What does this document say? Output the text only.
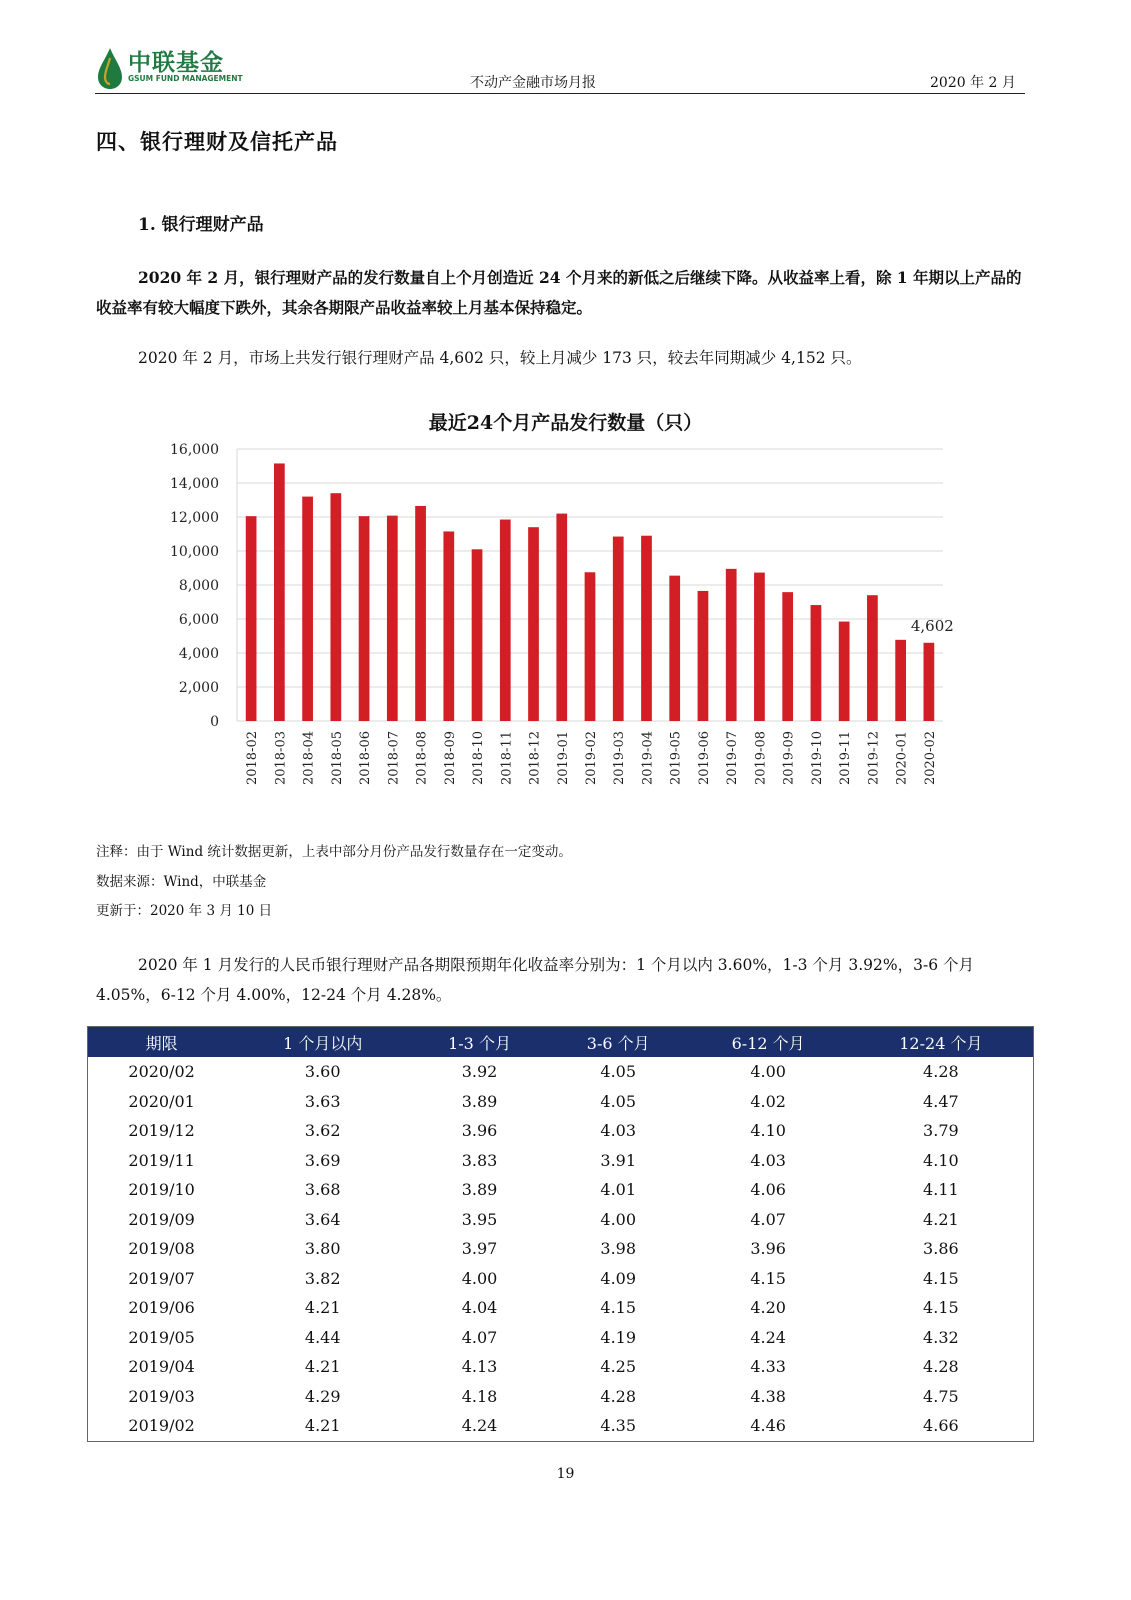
中联基金
GSUM FUND MANAGEMENT	不动产金融市场月报	2020 年 2 月
四、银行理财及信托产品
1. 银行理财产品
2020 年 2 月，银行理财产品的发行数量自上个月创造近 24 个月来的新低之后继续下降。从收益率上看，除 1 年期以上产品的收益率有较大幅度下跌外，其余各期限产品收益率较上月基本保持稳定。
2020 年 2 月，市场上共发行银行理财产品 4,602 只，较上月减少 173 只，较去年同期减少 4,152 只。
最近24个月产品发行数量（只）
0
2,000
4,000
6,000
8,000
10,000
12,000
14,000
16,000
2018-02 2018-03 2018-04 2018-05 2018-06 2018-07 2018-08 2018-09 2018-10 2018-11 2018-12 2019-01 2019-02 2019-03 2019-04 2019-05 2019-06 2019-07 2019-08 2019-09 2019-10 2019-11 2019-12 2020-01 2020-02
4,602
注释：由于 Wind 统计数据更新，上表中部分月份产品发行数量存在一定变动。
数据来源：Wind，中联基金
更新于：2020 年 3 月 10 日
2020 年 1 月发行的人民币银行理财产品各期限预期年化收益率分别为：1 个月以内 3.60%，1-3 个月 3.92%，3-6 个月 4.05%，6-12 个月 4.00%，12-24 个月 4.28%。
期限	1 个月以内	1-3 个月	3-6 个月	6-12 个月	12-24 个月
2020/02	3.60	3.92	4.05	4.00	4.28
2020/01	3.63	3.89	4.05	4.02	4.47
2019/12	3.62	3.96	4.03	4.10	3.79
2019/11	3.69	3.83	3.91	4.03	4.10
2019/10	3.68	3.89	4.01	4.06	4.11
2019/09	3.64	3.95	4.00	4.07	4.21
2019/08	3.80	3.97	3.98	3.96	3.86
2019/07	3.82	4.00	4.09	4.15	4.15
2019/06	4.21	4.04	4.15	4.20	4.15
2019/05	4.44	4.07	4.19	4.24	4.32
2019/04	4.21	4.13	4.25	4.33	4.28
2019/03	4.29	4.18	4.28	4.38	4.75
2019/02	4.21	4.24	4.35	4.46	4.66
19
